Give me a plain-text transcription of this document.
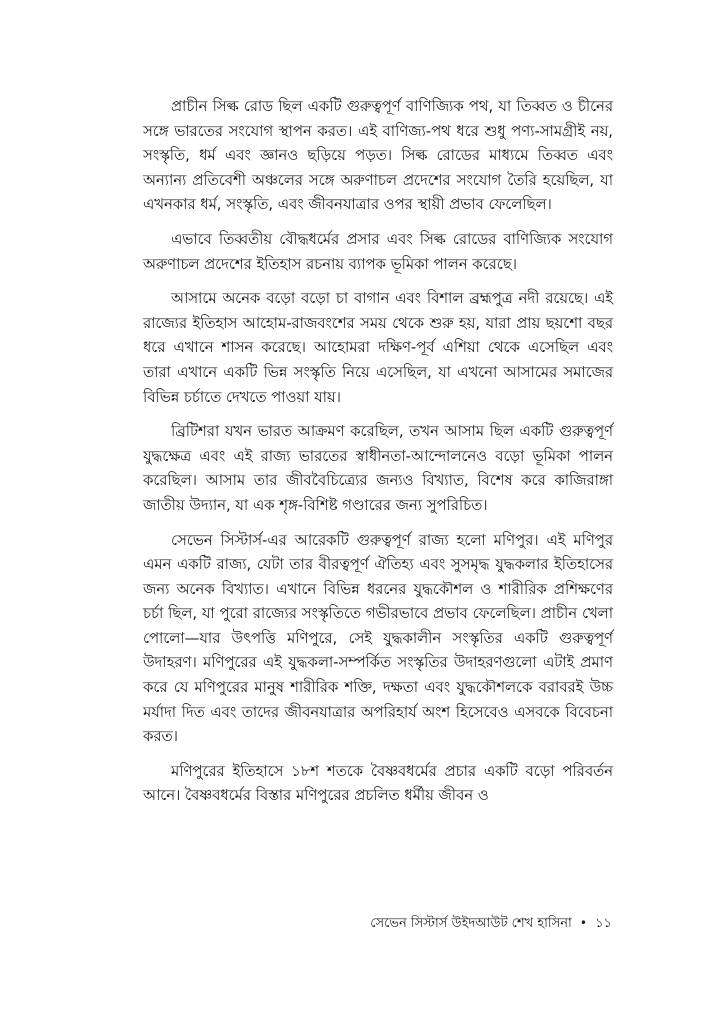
প্রাচীন সিল্ক রোড ছিল একটি গুরুত্বপূর্ণ বাণিজ্যিক পথ, যা তিব্বত ও চীনের সঙ্গে ভারতের সংযোগ স্থাপন করত। এই বাণিজ্য-পথ ধরে শুধু পণ্য-সামগ্রীই নয়, সংস্কৃতি, ধর্ম এবং জ্ঞানও ছড়িয়ে পড়ত। সিল্ক রোডের মাধ্যমে তিব্বত এবং অন্যান্য প্রতিবেশী অঞ্চলের সঙ্গে অরুণাচল প্রদেশের সংযোগ তৈরি হয়েছিল, যা এখনকার ধর্ম, সংস্কৃতি, এবং জীবনযাত্রার ওপর স্থায়ী প্রভাব ফেলেছিল।

এভাবে তিব্বতীয় বৌদ্ধধর্মের প্রসার এবং সিল্ক রোডের বাণিজ্যিক সংযোগ অরুণাচল প্রদেশের ইতিহাস রচনায় ব্যাপক ভূমিকা পালন করেছে।

আসামে অনেক বড়ো বড়ো চা বাগান এবং বিশাল ব্রহ্মপুত্র নদী রয়েছে। এই রাজ্যের ইতিহাস আহোম-রাজবংশের সময় থেকে শুরু হয়, যারা প্রায় ছয়শো বছর ধরে এখানে শাসন করেছে। আহোমরা দক্ষিণ-পূর্ব এশিয়া থেকে এসেছিল এবং তারা এখানে একটি ভিন্ন সংস্কৃতি নিয়ে এসেছিল, যা এখনো আসামের সমাজের বিভিন্ন চর্চাতে দেখতে পাওয়া যায়।

ব্রিটিশরা যখন ভারত আক্রমণ করেছিল, তখন আসাম ছিল একটি গুরুত্বপূর্ণ যুদ্ধক্ষেত্র এবং এই রাজ্য ভারতের স্বাধীনতা-আন্দোলনেও বড়ো ভূমিকা পালন করেছিল। আসাম তার জীববৈচিত্র্যের জন্যও বিখ্যাত, বিশেষ করে কাজিরাঙ্গা জাতীয় উদ্যান, যা এক শৃঙ্গ-বিশিষ্ট গণ্ডারের জন্য সুপরিচিত।

সেভেন সিস্টার্স-এর আরেকটি গুরুত্বপূর্ণ রাজ্য হলো মণিপুর। এই মণিপুর এমন একটি রাজ্য, যেটা তার বীরত্বপূর্ণ ঐতিহ্য এবং সুসমৃদ্ধ যুদ্ধকলার ইতিহাসের জন্য অনেক বিখ্যাত। এখানে বিভিন্ন ধরনের যুদ্ধকৌশল ও শারীরিক প্রশিক্ষণের চর্চা ছিল, যা পুরো রাজ্যের সংস্কৃতিতে গভীরভাবে প্রভাব ফেলেছিল। প্রাচীন খেলা পোলো—যার উৎপত্তি মণিপুরে, সেই যুদ্ধকালীন সংস্কৃতির একটি গুরুত্বপূর্ণ উদাহরণ। মণিপুরের এই যুদ্ধকলা-সম্পর্কিত সংস্কৃতির উদাহরণগুলো এটাই প্রমাণ করে যে মণিপুরের মানুষ শারীরিক শক্তি, দক্ষতা এবং যুদ্ধকৌশলকে বরাবরই উচ্চ মর্যাদা দিত এবং তাদের জীবনযাত্রার অপরিহার্য অংশ হিসেবেও এসবকে বিবেচনা করত।

মণিপুরের ইতিহাসে ১৮শ শতকে বৈষ্ণবধর্মের প্রচার একটি বড়ো পরিবর্তন আনে। বৈষ্ণবধর্মের বিস্তার মণিপুরের প্রচলিত ধর্মীয় জীবন ও

সেভেন সিস্টার্স উইদআউট শেখ হাসিনা • ১১
